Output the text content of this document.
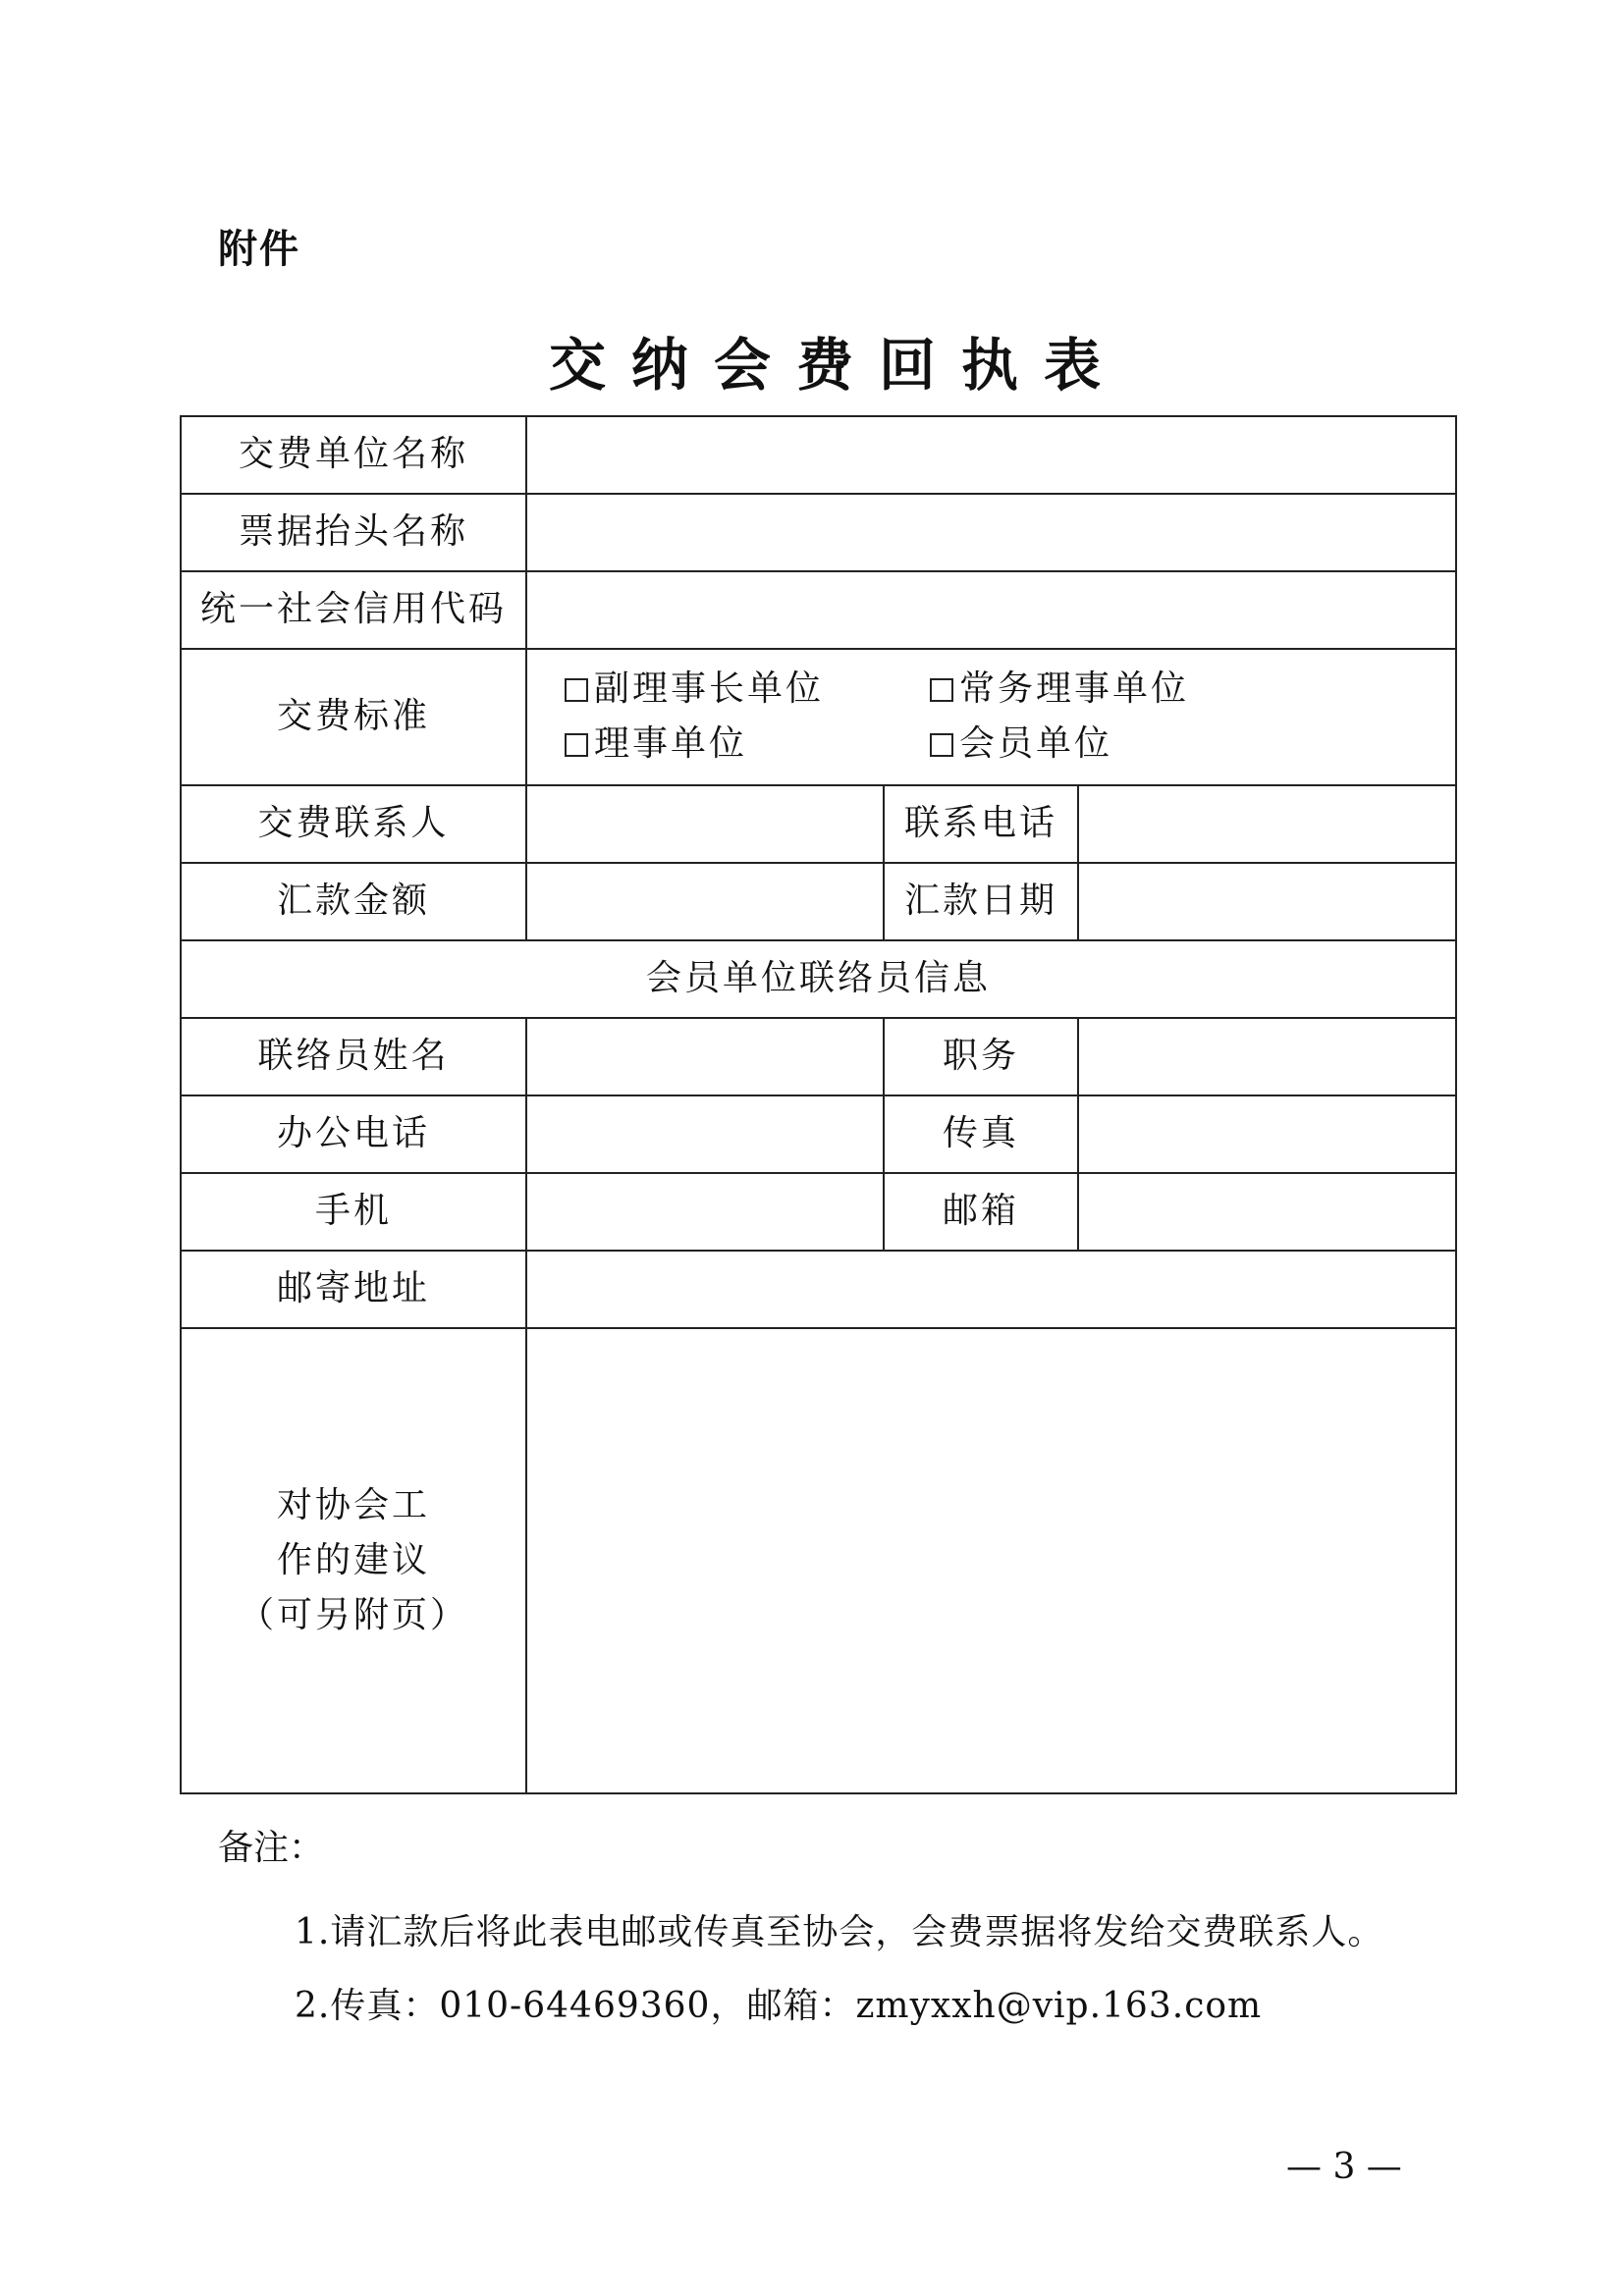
附件
交纳会费回执表
交费单位名称			
票据抬头名称			
统一社会信用代码			
交费标准	副理事长单位 常务理事单位
理事单位 会员单位		

交费联系人		联系电话	
汇款金额		汇款日期	
会员单位联络员信息			
联络员姓名		职务	
办公电话		传真	
手机		邮箱	
邮寄地址			

对协会工
作的建议
（可另附页）			

备注：
1.请汇款后将此表电邮或传真至协会，会费票据将发给交费联系人。
2.传真：010-64469360，邮箱：zmyxxh@vip.163.com
— 3 —
